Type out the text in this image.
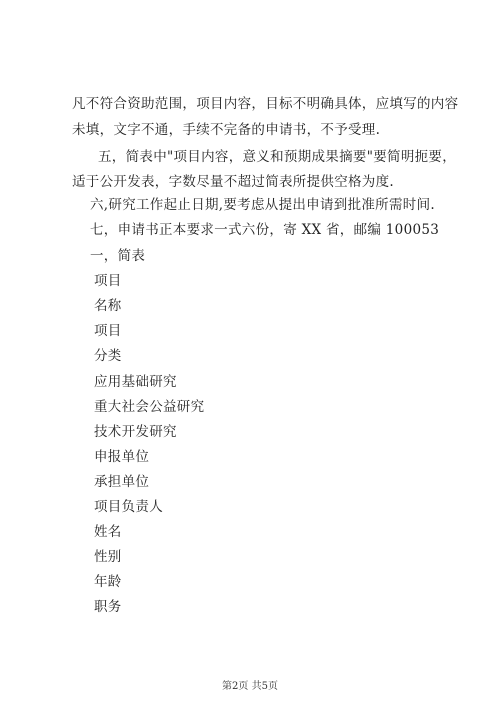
凡不符合资助范围，项目内容，目标不明确具体，应填写的内容
未填，文字不通，手续不完备的申请书，不予受理.
五，简表中"项目内容，意义和预期成果摘要"要简明扼要，
适于公开发表，字数尽量不超过简表所提供空格为度.
六,研究工作起止日期,要考虑从提出申请到批准所需时间.
七，申请书正本要求一式六份，寄 XX 省，邮编 100053
一，简表
项目
名称
项目
分类
应用基础研究
重大社会公益研究
技术开发研究
申报单位
承担单位
项目负责人
姓名
性别
年龄
职务
第2页 共5页
